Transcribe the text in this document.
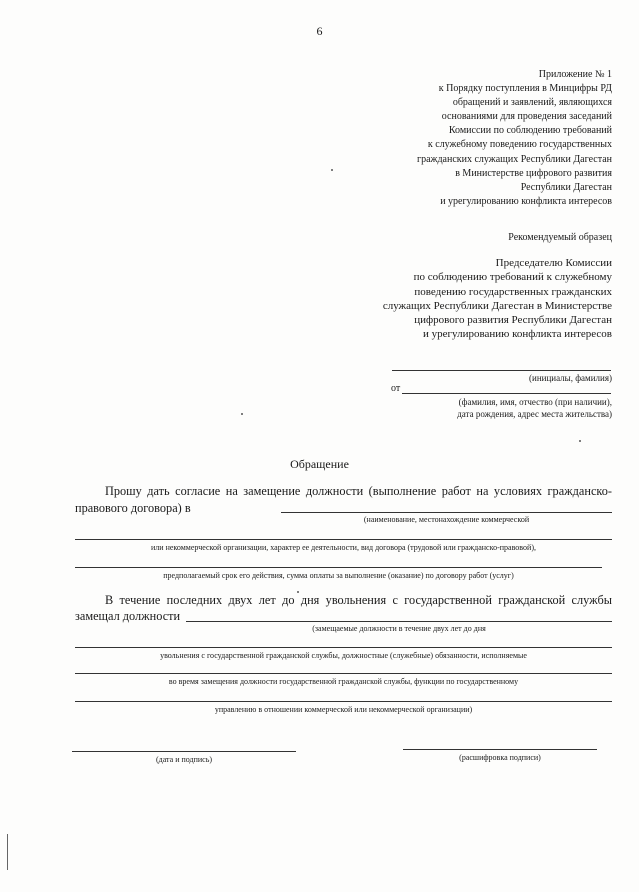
6
Приложение № 1
к Порядку поступления в Минцифры РД
обращений и заявлений, являющихся
основаниями для проведения заседаний
Комиссии по соблюдению требований
к служебному поведению государственных
гражданских служащих Республики Дагестан
в Министерстве цифрового развития
Республики Дагестан
и урегулированию конфликта интересов
Рекомендуемый образец
Председателю Комиссии
по соблюдению требований к служебному
поведению государственных гражданских
служащих Республики Дагестан в Министерстве
цифрового развития Республики Дагестан
и урегулированию конфликта интересов
(инициалы, фамилия)
от
(фамилия, имя, отчество (при наличии),
дата рождения, адрес места жительства)
Обращение
Прошу дать согласие на замещение должности (выполнение работ на условиях гражданско-правового договора) в
(наименование, местонахождение коммерческой
или некоммерческой организации, характер ее деятельности, вид договора (трудовой или гражданско-правовой),
предполагаемый срок его действия, сумма оплаты за выполнение (оказание) по договору работ (услуг)
В течение последних двух лет до дня увольнения с государственной гражданской службы
замещал должности
(замещаемые должности в течение двух лет до дня
увольнения с государственной гражданской службы, должностные (служебные) обязанности, исполняемые
во время замещения должности государственной гражданской службы, функции по государственному
управлению в отношении коммерческой или некоммерческой организации)
(дата и подпись)	(расшифровка подписи)
